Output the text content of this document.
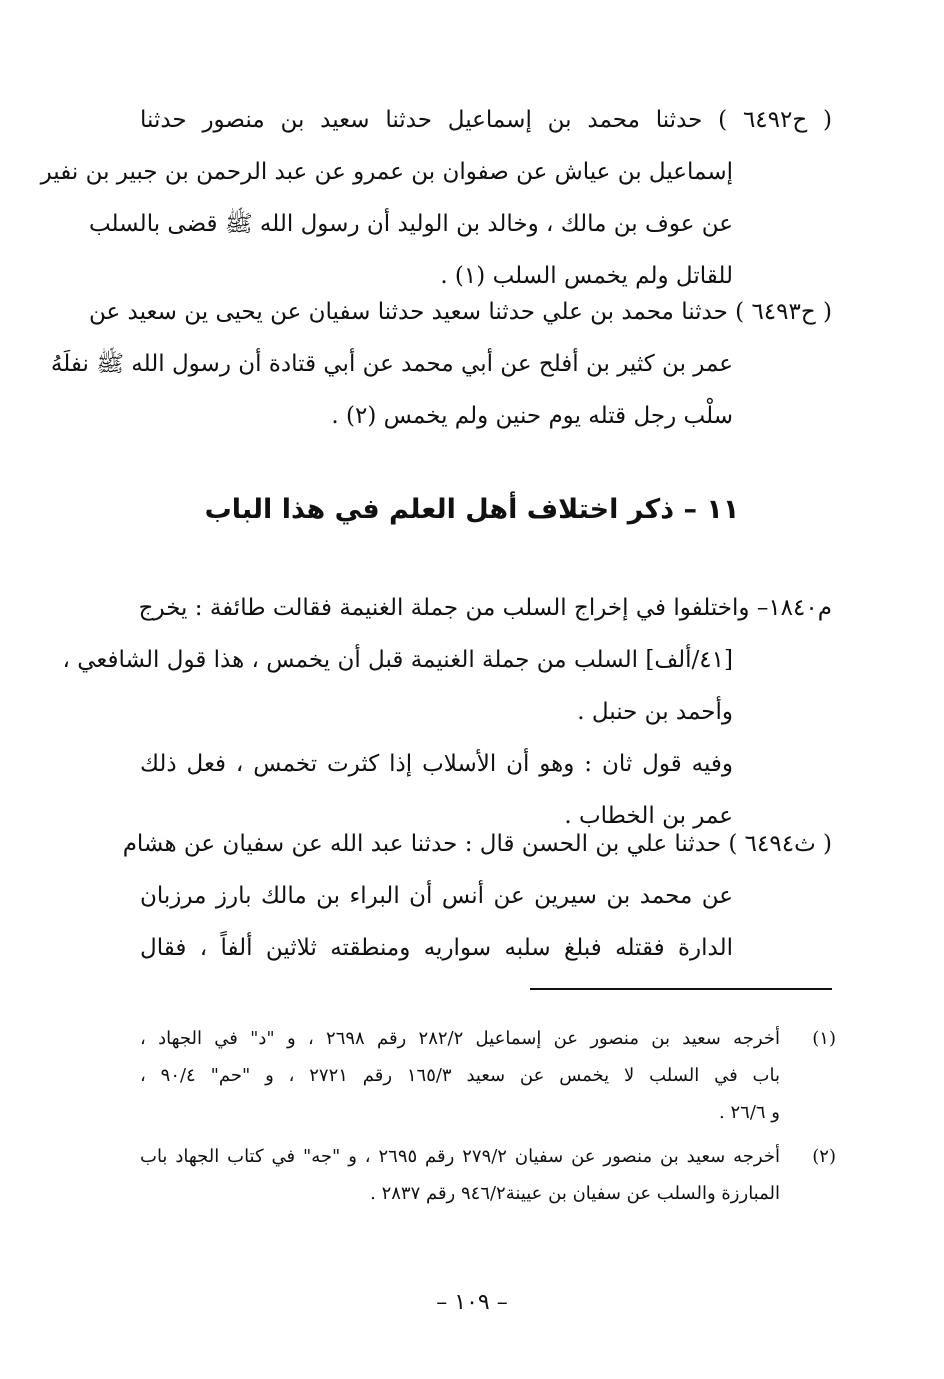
( ح٦٤٩٢ ) حدثنا محمد بن إسماعيل حدثنا سعيد بن منصور حدثنا
إسماعيل بن عياش عن صفوان بن عمرو عن عبد الرحمن بن جبير بن نفير
عن عوف بن مالك ، وخالد بن الوليد أن رسول الله ﷺ قضى بالسلب
للقاتل ولم يخمس السلب (١) .
( ح٦٤٩٣ ) حدثنا محمد بن علي حدثنا سعيد حدثنا سفيان عن يحيى ين سعيد عن
عمر بن كثير بن أفلح عن أبي محمد عن أبي قتادة أن رسول الله ﷺ نفلَهُ
سلْب رجل قتله يوم حنين ولم يخمس (٢) .
١١ – ذكر اختلاف أهل العلم في هذا الباب
م١٨٤٠– واختلفوا في إخراج السلب من جملة الغنيمة فقالت طائفة : يخرج
[٤١/ألف] السلب من جملة الغنيمة قبل أن يخمس ، هذا قول الشافعي ،
وأحمد بن حنبل .
وفيه قول ثان : وهو أن الأسلاب إذا كثرت تخمس ، فعل ذلك
عمر بن الخطاب .
( ث٦٤٩٤ ) حدثنا علي بن الحسن قال : حدثنا عبد الله عن سفيان عن هشام
عن محمد بن سيرين عن أنس أن البراء بن مالك بارز مرزبان
الدارة فقتله فبلغ سلبه سواريه ومنطقته ثلاثين ألفاً ، فقال
(١)
أخرجه سعيد بن منصور عن إسماعيل ٢٨٢/٢ رقم ٢٦٩٨ ، و "د" في الجهاد ،
باب في السلب لا يخمس عن سعيد ١٦٥/٣ رقم ٢٧٢١ ، و "حم" ٩٠/٤ ،
و ٢٦/٦ .
(٢)
أخرجه سعيد بن منصور عن سفيان ٢٧٩/٢ رقم ٢٦٩٥ ، و "جه" في كتاب الجهاد باب
المبارزة والسلب عن سفيان بن عيينة٩٤٦/٢ رقم ٢٨٣٧ .
– ١٠٩ –
